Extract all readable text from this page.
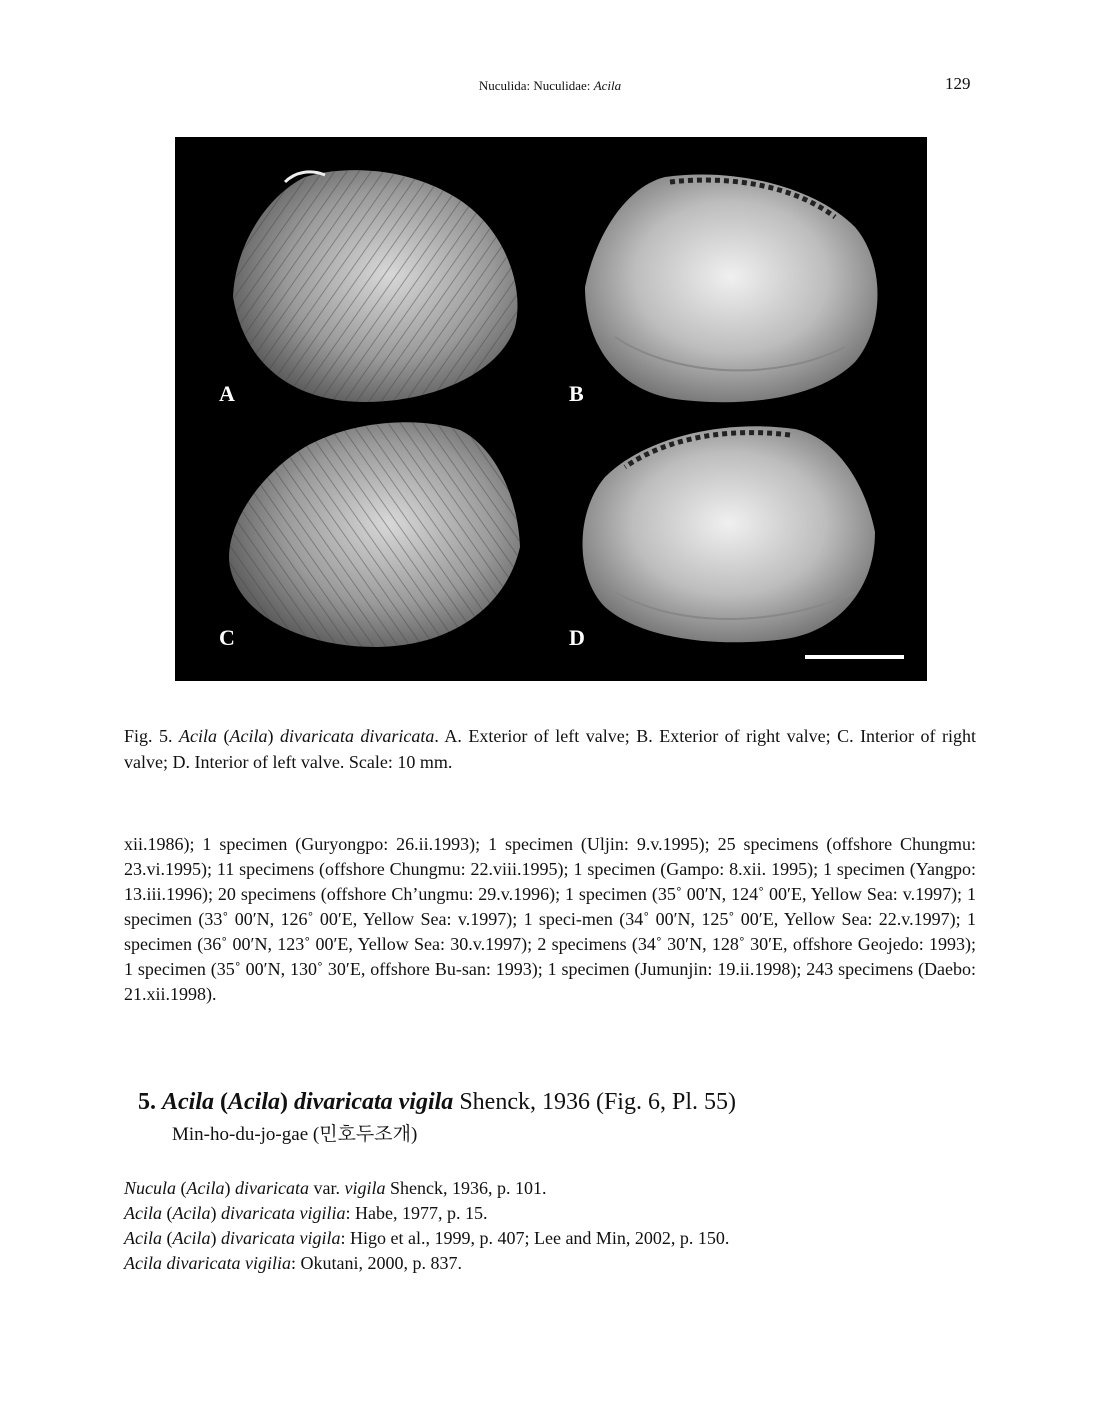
Nuculida: Nuculidae: Acila	129
A	B
C	D
Fig. 5. Acila (Acila) divaricata divaricata. A. Exterior of left valve; B. Exterior of right valve; C. Interior of right valve; D. Interior of left valve. Scale: 10 mm.
xii.1986); 1 specimen (Guryongpo: 26.ii.1993); 1 specimen (Uljin: 9.v.1995); 25 specimens (offshore Chungmu: 23.vi.1995); 11 specimens (offshore Chungmu: 22.viii.1995); 1 specimen (Gampo: 8.xii. 1995); 1 specimen (Yangpo: 13.iii.1996); 20 specimens (offshore Ch’ungmu: 29.v.1996); 1 specimen (35˚ 00′N, 124˚ 00′E, Yellow Sea: v.1997); 1 specimen (33˚ 00′N, 126˚ 00′E, Yellow Sea: v.1997); 1 speci-men (34˚ 00′N, 125˚ 00′E, Yellow Sea: 22.v.1997); 1 specimen (36˚ 00′N, 123˚ 00′E, Yellow Sea: 30.v.1997); 2 specimens (34˚ 30′N, 128˚ 30′E, offshore Geojedo: 1993); 1 specimen (35˚ 00′N, 130˚ 30′E, offshore Bu-san: 1993); 1 specimen (Jumunjin: 19.ii.1998); 243 specimens (Daebo: 21.xii.1998).
5. Acila (Acila) divaricata vigila Shenck, 1936 (Fig. 6, Pl. 55)
Min-ho-du-jo-gae (민호두조개)
Nucula (Acila) divaricata var. vigila Shenck, 1936, p. 101.
Acila (Acila) divaricata vigilia: Habe, 1977, p. 15.
Acila (Acila) divaricata vigila: Higo et al., 1999, p. 407; Lee and Min, 2002, p. 150.
Acila divaricata vigilia: Okutani, 2000, p. 837.
